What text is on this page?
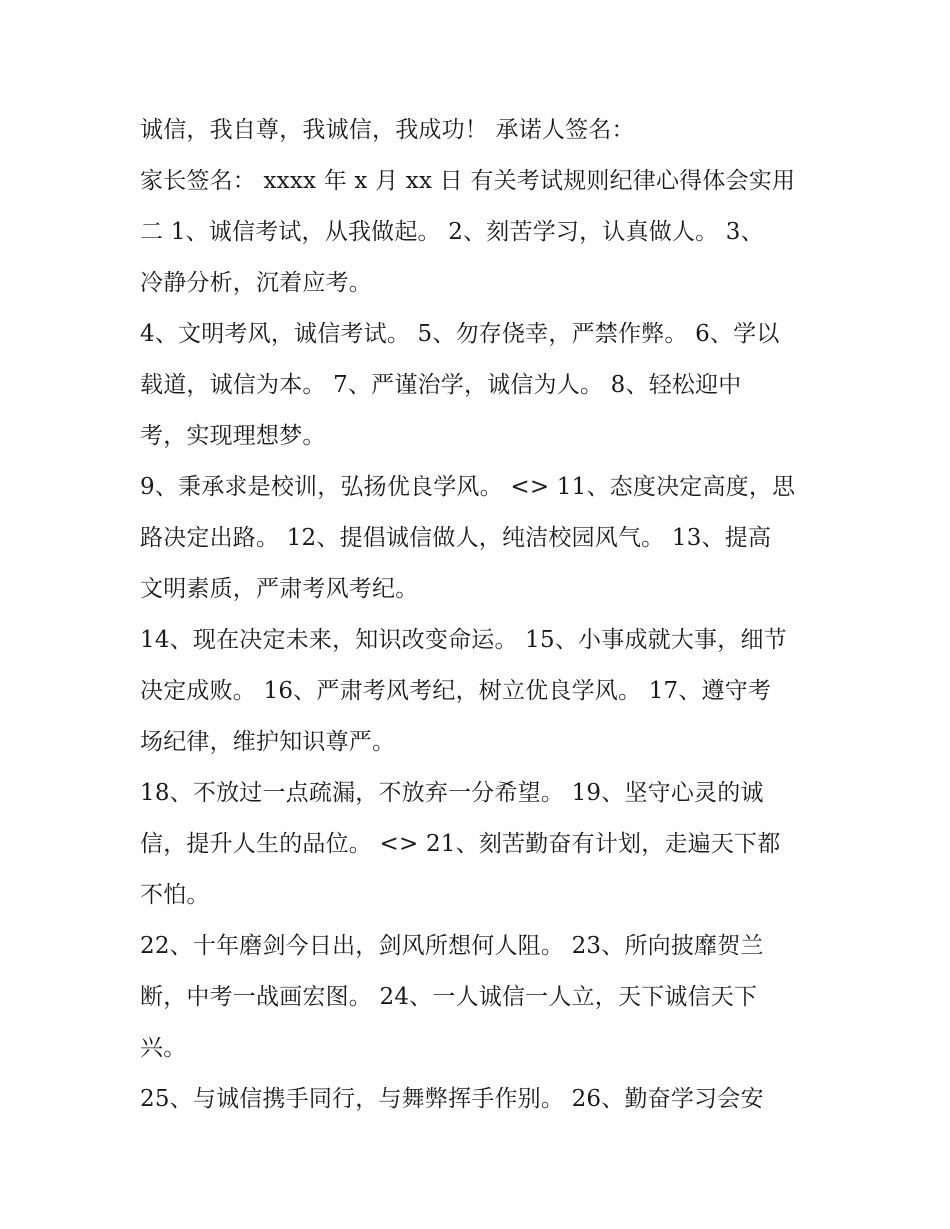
诚信，我自尊，我诚信，我成功！ 承诺人签名：
家长签名： xxxx 年 x 月 xx 日 有关考试规则纪律心得体会实用
二 1、诚信考试，从我做起。 2、刻苦学习，认真做人。 3、
冷静分析，沉着应考。
4、文明考风，诚信考试。 5、勿存侥幸，严禁作弊。 6、学以
载道，诚信为本。 7、严谨治学，诚信为人。 8、轻松迎中
考，实现理想梦。
9、秉承求是校训，弘扬优良学风。 <> 11、态度决定高度，思
路决定出路。 12、提倡诚信做人，纯洁校园风气。 13、提高
文明素质，严肃考风考纪。
14、现在决定未来，知识改变命运。 15、小事成就大事，细节
决定成败。 16、严肃考风考纪，树立优良学风。 17、遵守考
场纪律，维护知识尊严。
18、不放过一点疏漏，不放弃一分希望。 19、坚守心灵的诚
信，提升人生的品位。 <> 21、刻苦勤奋有计划，走遍天下都
不怕。
22、十年磨剑今日出，剑风所想何人阻。 23、所向披靡贺兰
断，中考一战画宏图。 24、一人诚信一人立，天下诚信天下
兴。
25、与诚信携手同行，与舞弊挥手作别。 26、勤奋学习会安
